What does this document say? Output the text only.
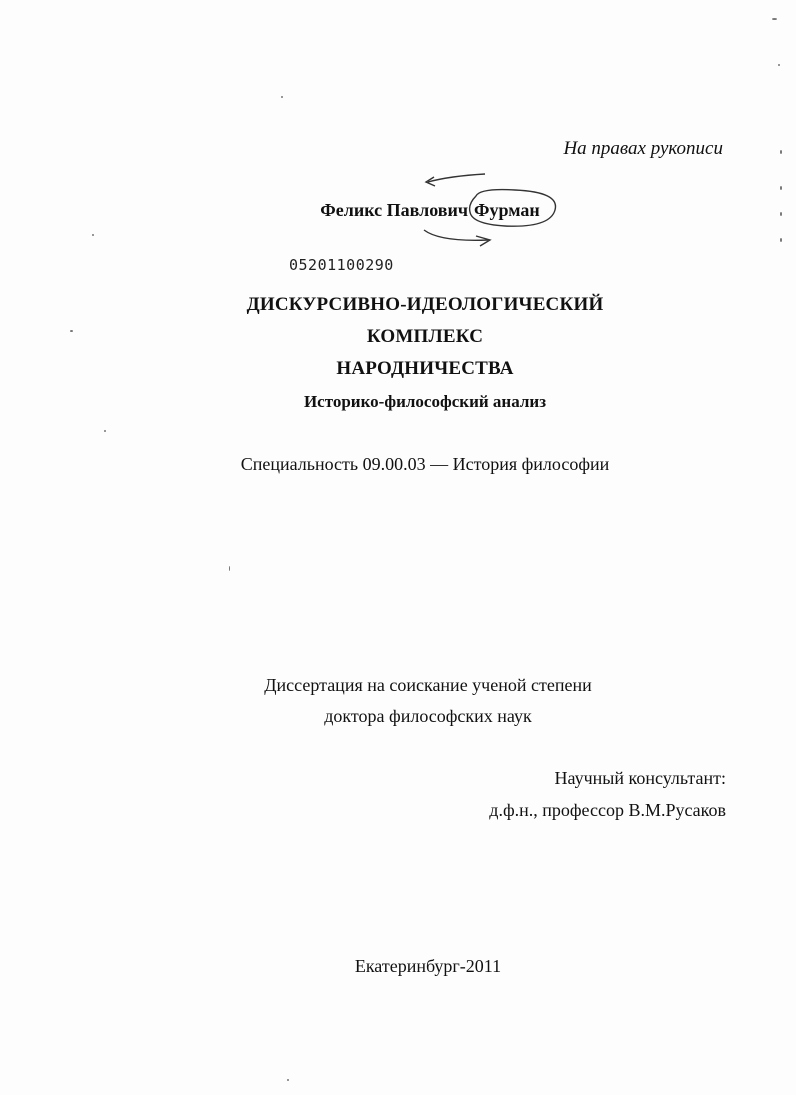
На правах рукописи
Феликс Павлович Фурман
05201100290
ДИСКУРСИВНО-ИДЕОЛОГИЧЕСКИЙ
КОМПЛЕКС
НАРОДНИЧЕСТВА
Историко-философский анализ
Специальность 09.00.03 — История философии
Диссертация на соискание ученой степени
доктора философских наук
Научный консультант:
д.ф.н., профессор В.М.Русаков
Екатеринбург-2011
